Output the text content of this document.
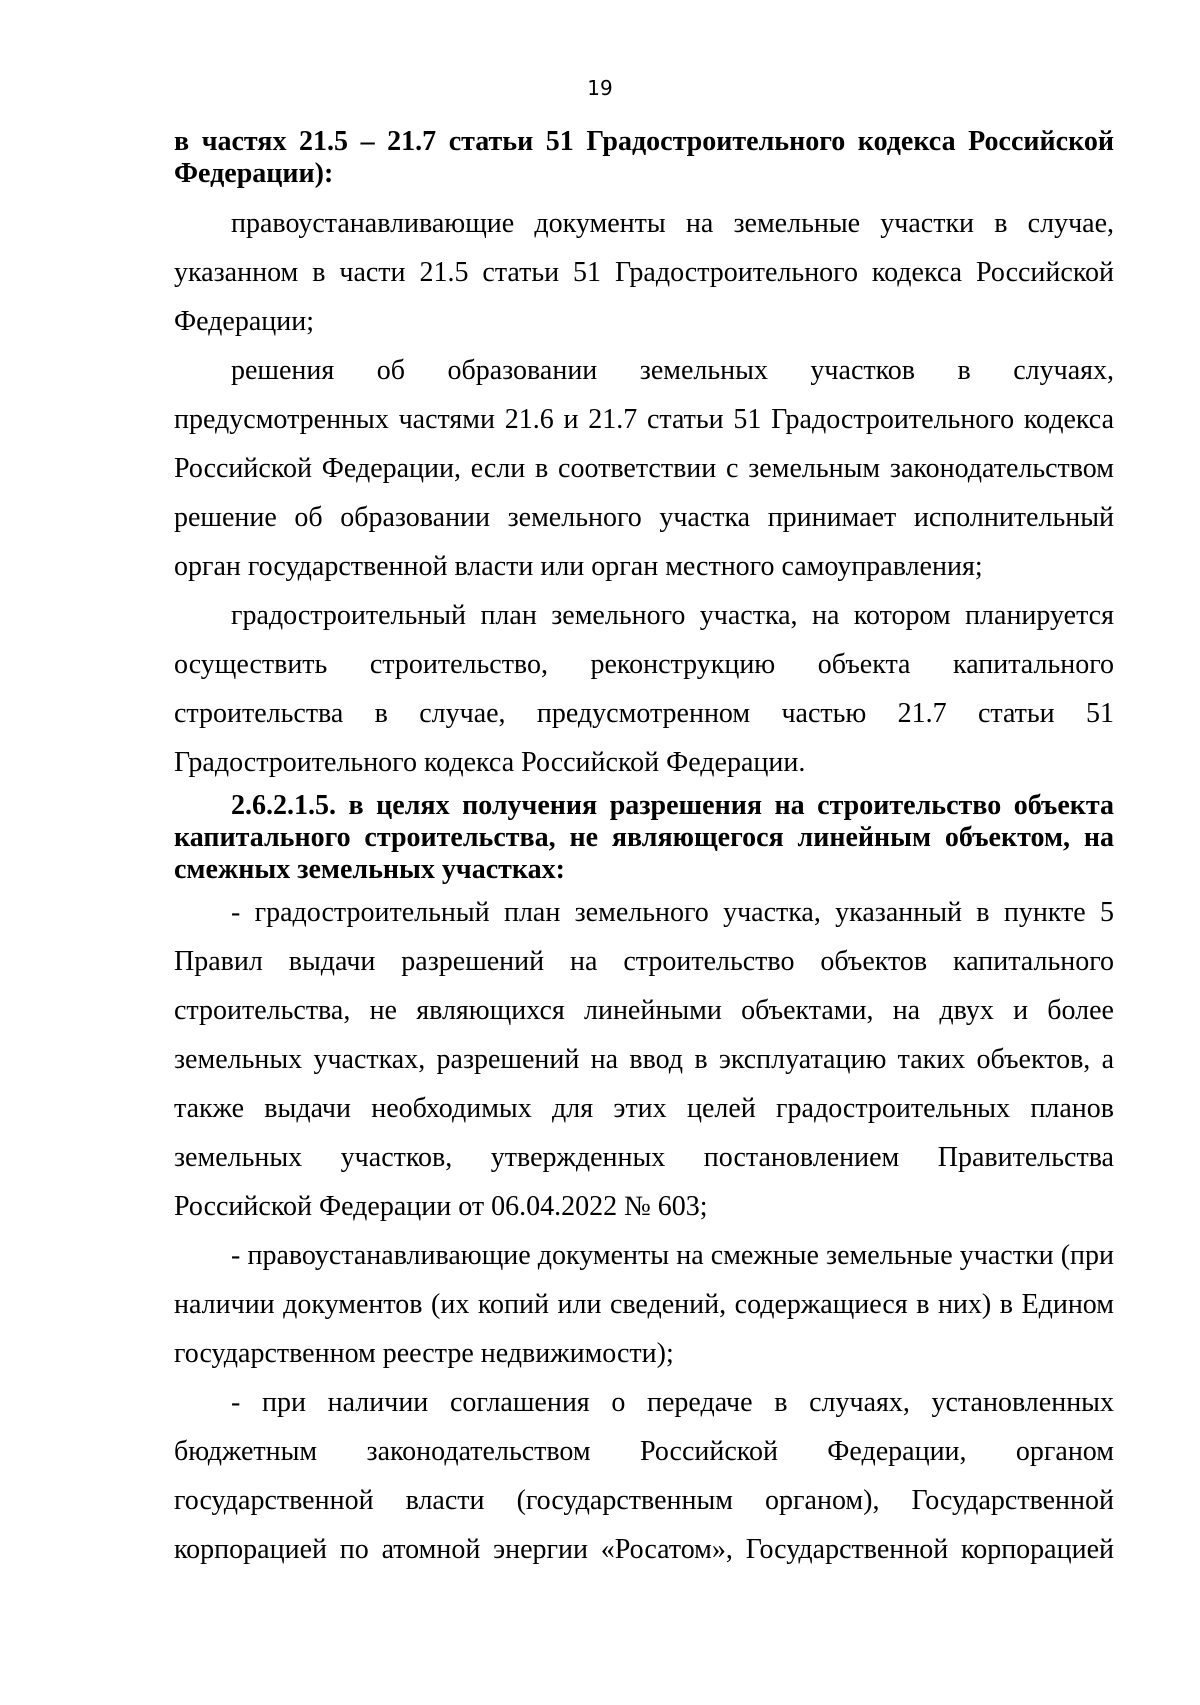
19

в частях 21.5 – 21.7 статьи 51 Градостроительного кодекса Российской Федерации):

правоустанавливающие документы на земельные участки в случае, указанном в части 21.5 статьи 51 Градостроительного кодекса Российской Федерации;

решения об образовании земельных участков в случаях, предусмотренных частями 21.6 и 21.7 статьи 51 Градостроительного кодекса Российской Федерации, если в соответствии с земельным законодательством решение об образовании земельного участка принимает исполнительный орган государственной власти или орган местного самоуправления;

градостроительный план земельного участка, на котором планируется осуществить строительство, реконструкцию объекта капитального строительства в случае, предусмотренном частью 21.7 статьи 51 Градостроительного кодекса Российской Федерации.

2.6.2.1.5. в целях получения разрешения на строительство объекта капитального строительства, не являющегося линейным объектом, на смежных земельных участках:

- градостроительный план земельного участка, указанный в пункте 5 Правил выдачи разрешений на строительство объектов капитального строительства, не являющихся линейными объектами, на двух и более земельных участках, разрешений на ввод в эксплуатацию таких объектов, а также выдачи необходимых для этих целей градостроительных планов земельных участков, утвержденных постановлением Правительства Российской Федерации от 06.04.2022 № 603;

- правоустанавливающие документы на смежные земельные участки (при наличии документов (их копий или сведений, содержащиеся в них) в Едином государственном реестре недвижимости);

- при наличии соглашения о передаче в случаях, установленных бюджетным законодательством Российской Федерации, органом государственной власти (государственным органом), Государственной корпорацией по атомной энергии «Росатом», Государственной корпорацией
